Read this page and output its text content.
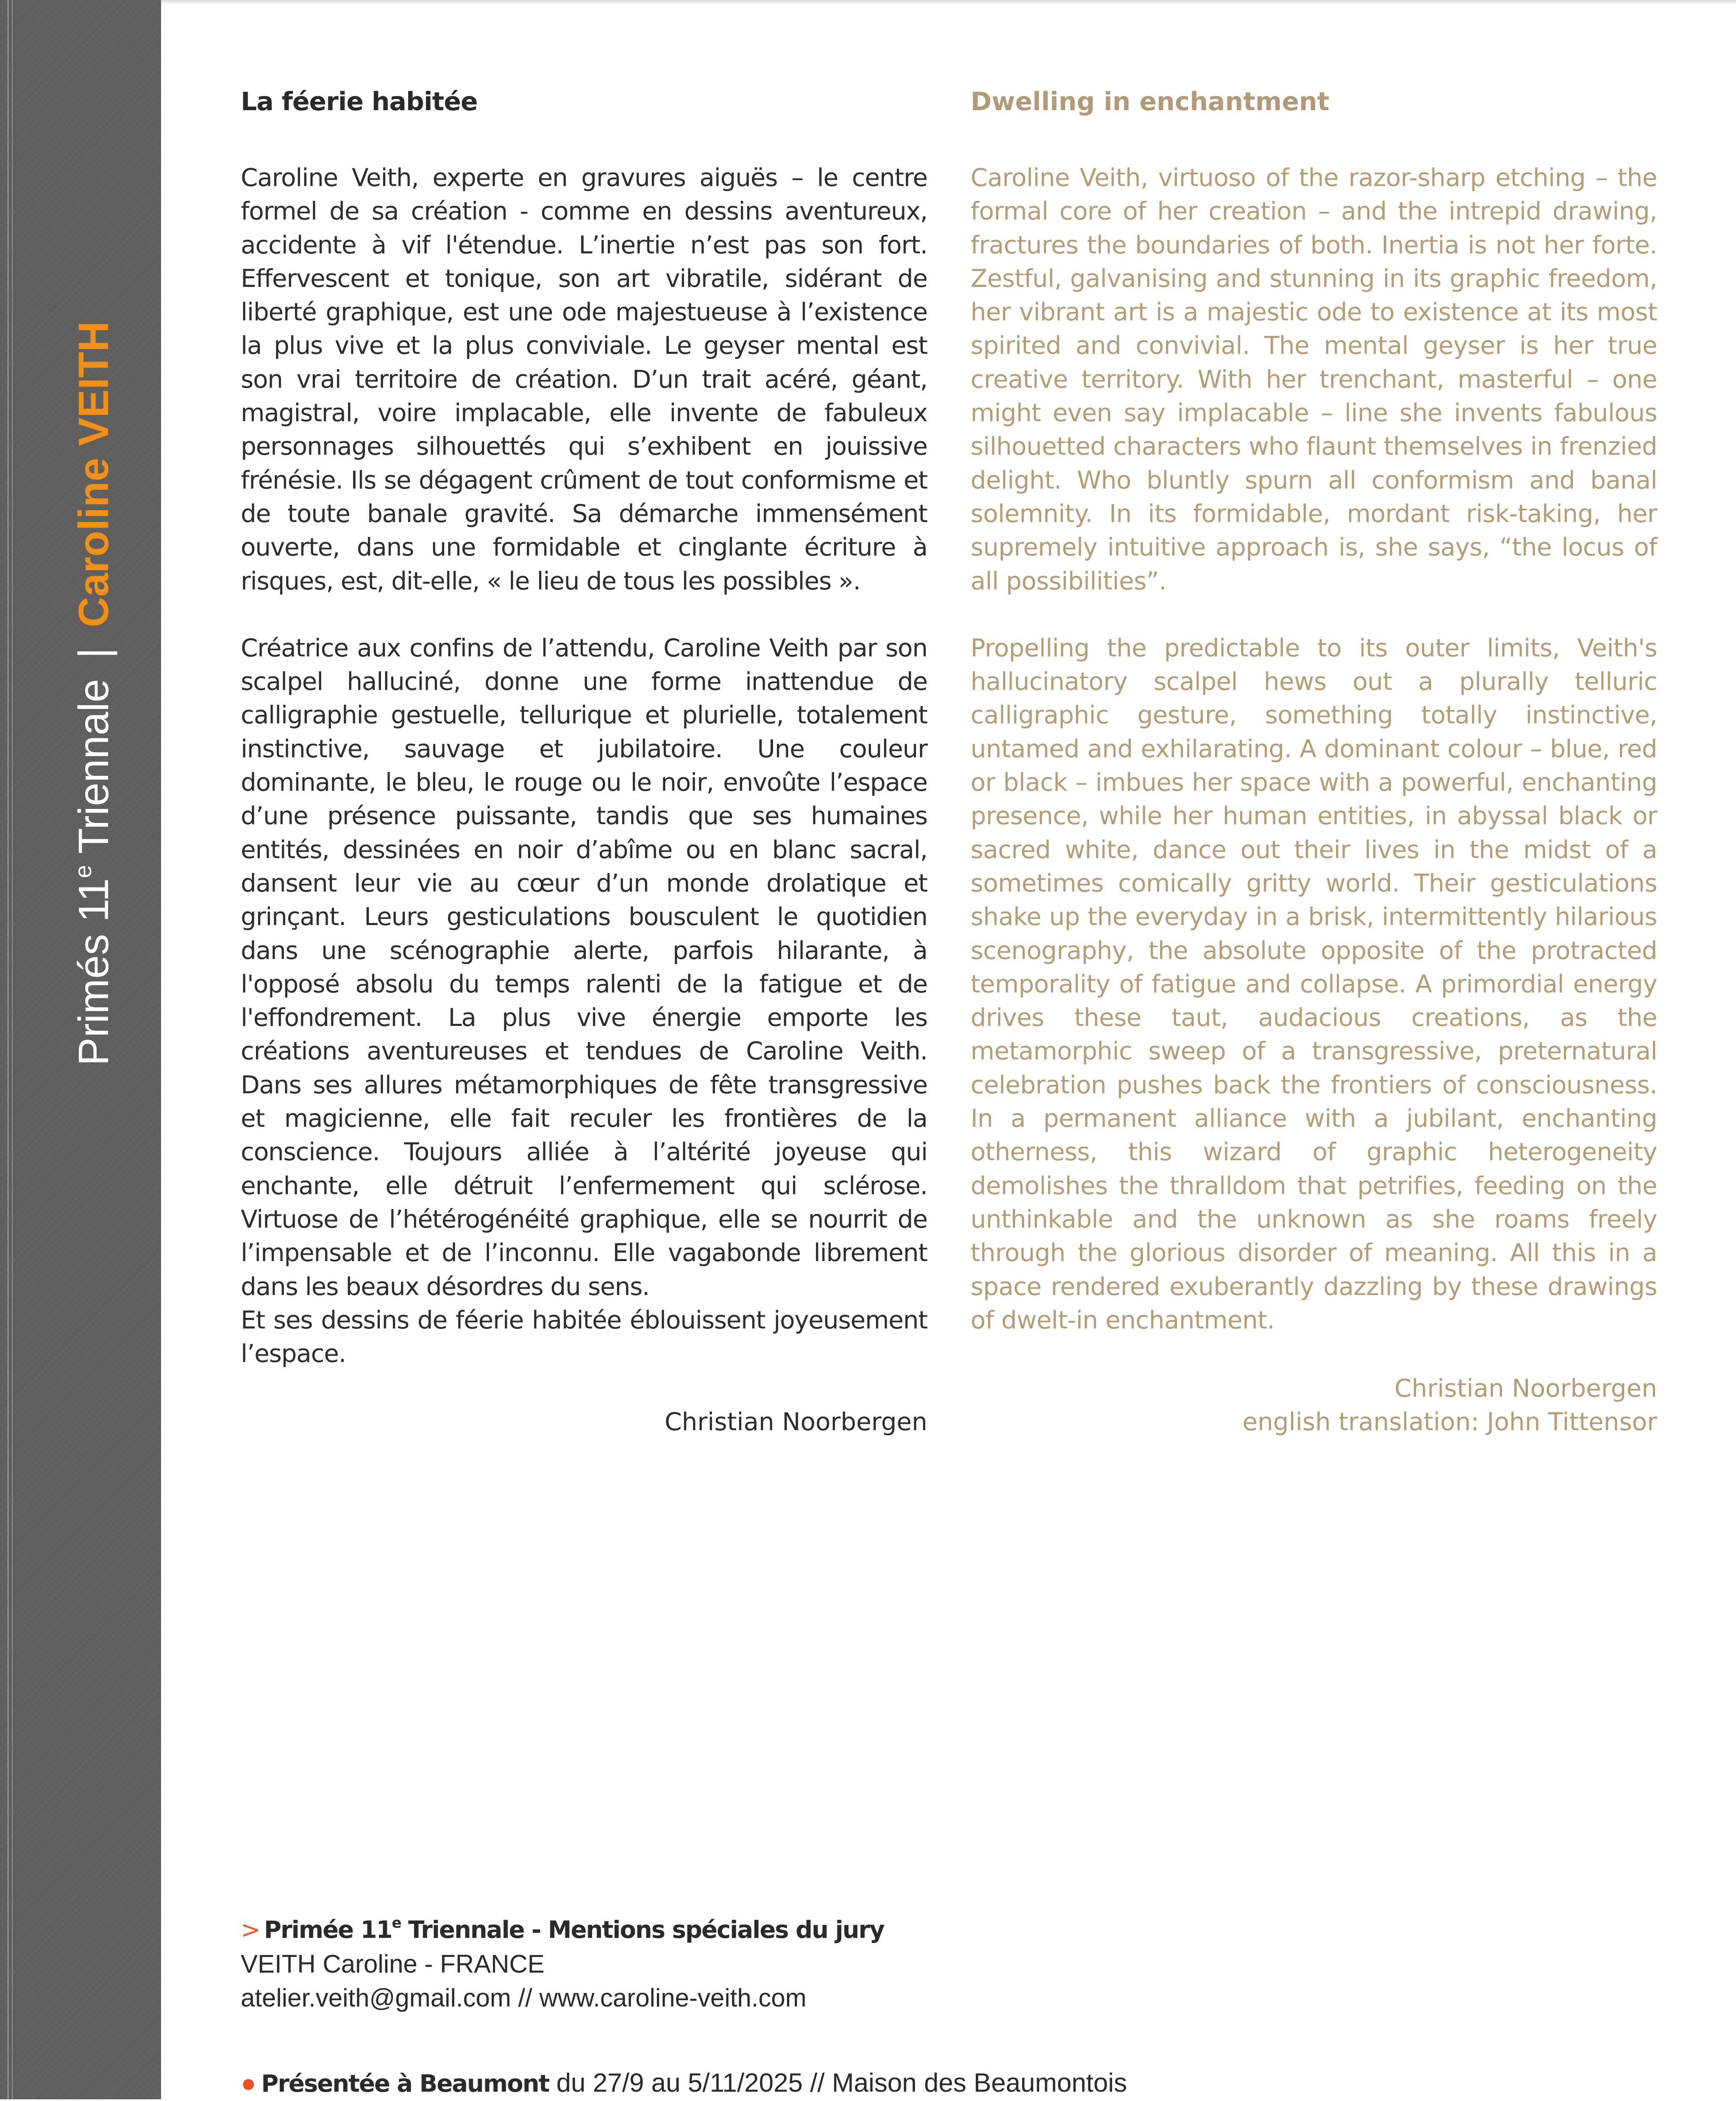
Primés 11e Triennale | Caroline VEITH
La féerie habitée

Caroline Veith, experte en gravures aiguës – le centre formel de sa création - comme en dessins aventureux, accidente à vif l'étendue. L’inertie n’est pas son fort. Effervescent et tonique, son art vibratile, sidérant de liberté graphique, est une ode majestueuse à l’existence la plus vive et la plus conviviale. Le geyser mental est son vrai territoire de création. D’un trait acéré, géant, magistral, voire implacable, elle invente de fabuleux personnages silhouettés qui s’exhibent en jouissive frénésie. Ils se dégagent crûment de tout conformisme et de toute banale gravité. Sa démarche immensément ouverte, dans une formidable et cinglante écriture à risques, est, dit-elle, « le lieu de tous les possibles ».

Créatrice aux confins de l’attendu, Caroline Veith par son scalpel halluciné, donne une forme inattendue de calligraphie gestuelle, tellurique et plurielle, totalement instinctive, sauvage et jubilatoire. Une couleur dominante, le bleu, le rouge ou le noir, envoûte l’espace d’une présence puissante, tandis que ses humaines entités, dessinées en noir d’abîme ou en blanc sacral, dansent leur vie au cœur d’un monde drolatique et grinçant. Leurs gesticulations bousculent le quotidien dans une scénographie alerte, parfois hilarante, à l'opposé absolu du temps ralenti de la fatigue et de l'effondrement. La plus vive énergie emporte les créations aventureuses et tendues de Caroline Veith. Dans ses allures métamorphiques de fête transgressive et magicienne, elle fait reculer les frontières de la conscience. Toujours alliée à l’altérité joyeuse qui enchante, elle détruit l’enfermement qui sclérose. Virtuose de l’hétérogénéité graphique, elle se nourrit de l’impensable et de l’inconnu. Elle vagabonde librement dans les beaux désordres du sens.

Et ses dessins de féerie habitée éblouissent joyeusement l’espace.

Christian Noorbergen
Dwelling in enchantment

Caroline Veith, virtuoso of the razor-sharp etching – the formal core of her creation – and the intrepid drawing, fractures the boundaries of both. Inertia is not her forte. Zestful, galvanising and stunning in its graphic freedom, her vibrant art is a majestic ode to existence at its most spirited and convivial. The mental geyser is her true creative territory. With her trenchant, masterful – one might even say implacable – line she invents fabulous silhouetted characters who flaunt themselves in frenzied delight. Who bluntly spurn all conformism and banal solemnity. In its formidable, mordant risk-taking, her supremely intuitive approach is, she says, “the locus of all possibilities”.

Propelling the predictable to its outer limits, Veith's hallucinatory scalpel hews out a plurally telluric calligraphic gesture, something totally instinctive, untamed and exhilarating. A dominant colour – blue, red or black – imbues her space with a powerful, enchanting presence, while her human entities, in abyssal black or sacred white, dance out their lives in the midst of a sometimes comically gritty world. Their gesticulations shake up the everyday in a brisk, intermittently hilarious scenography, the absolute opposite of the protracted temporality of fatigue and collapse. A primordial energy drives these taut, audacious creations, as the metamorphic sweep of a transgressive, preternatural celebration pushes back the frontiers of consciousness. In a permanent alliance with a jubilant, enchanting otherness, this wizard of graphic heterogeneity demolishes the thralldom that petrifies, feeding on the unthinkable and the unknown as she roams freely through the glorious disorder of meaning. All this in a space rendered exuberantly dazzling by these drawings of dwelt-in enchantment.

Christian Noorbergen
english translation: John Tittensor
> Primée 11e Triennale - Mentions spéciales du jury
VEITH Caroline - FRANCE
atelier.veith@gmail.com // www.caroline-veith.com
● Présentée à Beaumont du 27/9 au 5/11/2025 // Maison des Beaumontois
